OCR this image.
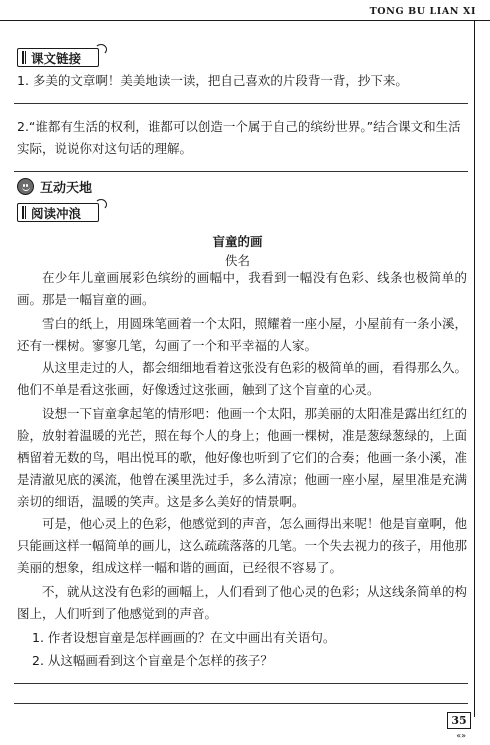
TONG BU LIAN XI
课文链接
1. 多美的文章啊！美美地读一读，把自己喜欢的片段背一背，抄下来。
2.“谁都有生活的权利，谁都可以创造一个属于自己的缤纷世界。”结合课文和生活实际，说说你对这句话的理解。
互动天地
阅读冲浪
盲童的画
佚名
在少年儿童画展彩色缤纷的画幅中，我看到一幅没有色彩、线条也极简单的画。那是一幅盲童的画。
雪白的纸上，用圆珠笔画着一个太阳，照耀着一座小屋，小屋前有一条小溪，还有一棵树。寥寥几笔，勾画了一个和平幸福的人家。
从这里走过的人，都会细细地看着这张没有色彩的极简单的画，看得那么久。他们不单是看这张画，好像透过这张画，触到了这个盲童的心灵。
设想一下盲童拿起笔的情形吧：他画一个太阳，那美丽的太阳准是露出红红的脸，放射着温暖的光芒，照在每个人的身上；他画一棵树，准是葱绿葱绿的，上面栖留着无数的鸟，唱出悦耳的歌，他好像也听到了它们的合奏；他画一条小溪，准是清澈见底的溪流，他曾在溪里洗过手，多么清凉；他画一座小屋，屋里准是充满亲切的细语，温暖的笑声。这是多么美好的情景啊。
可是，他心灵上的色彩，他感觉到的声音，怎么画得出来呢！他是盲童啊，他只能画这样一幅简单的画儿，这么疏疏落落的几笔。一个失去视力的孩子，用他那美丽的想象，组成这样一幅和谐的画面，已经很不容易了。
不，就从这没有色彩的画幅上，人们看到了他心灵的色彩；从这线条简单的构图上，人们听到了他感觉到的声音。
1. 作者设想盲童是怎样画画的？在文中画出有关语句。
2. 从这幅画看到这个盲童是个怎样的孩子？
35
«»
